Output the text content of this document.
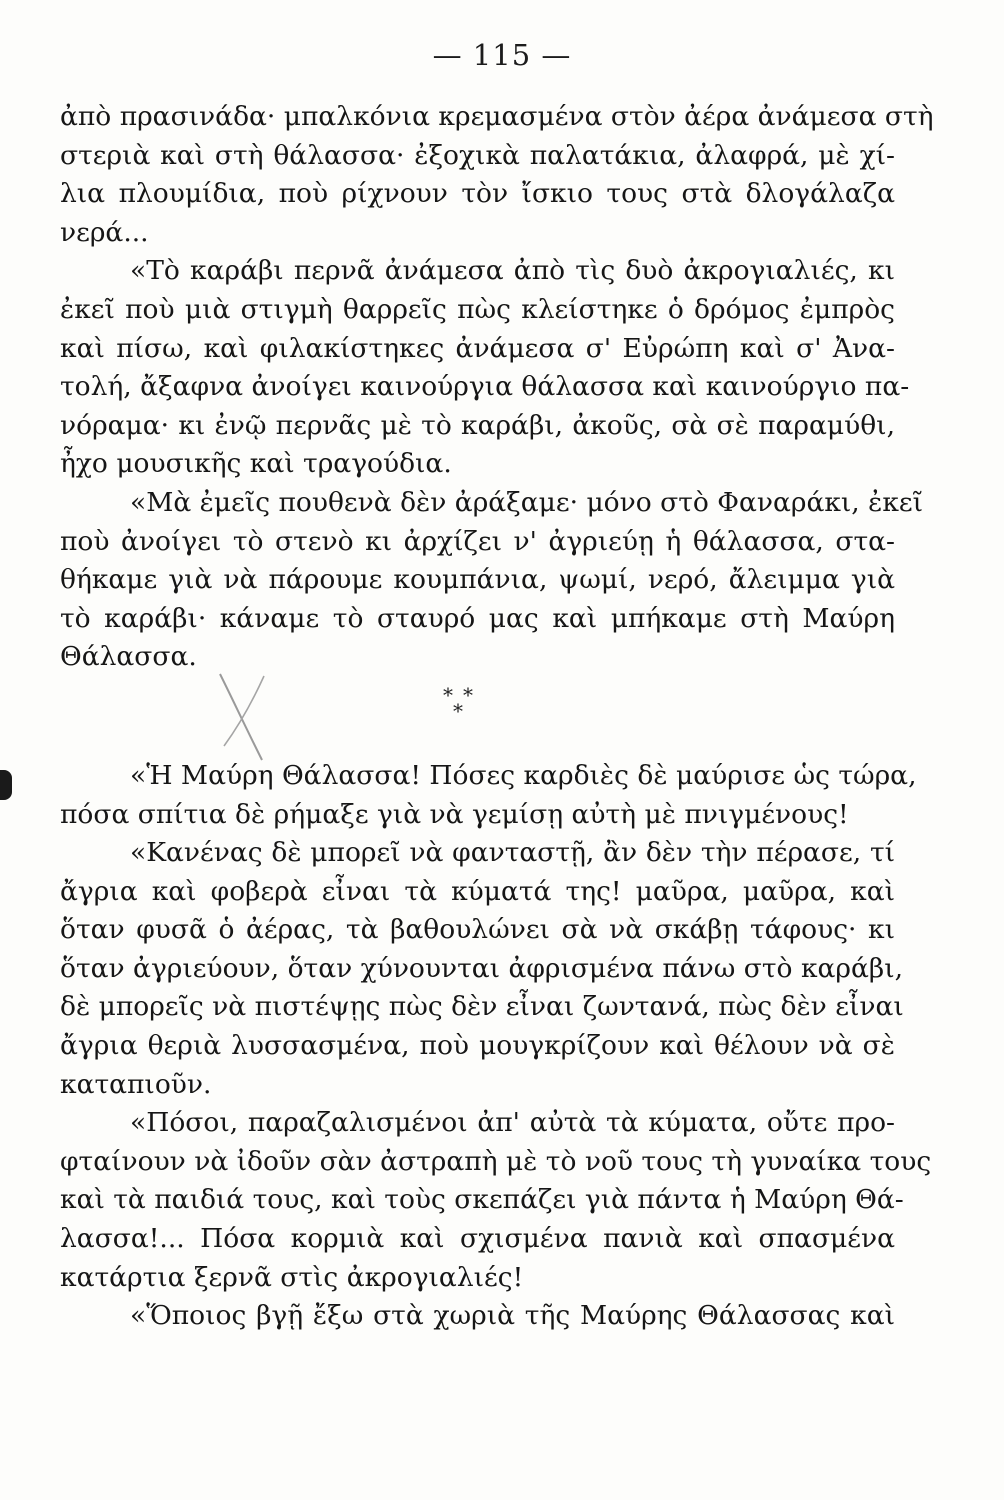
— 115 —
ἀπὸ πρασινάδα· μπαλκόνια κρεμασμένα στὸν ἀέρα ἀνάμεσα στὴ
στεριὰ καὶ στὴ θάλασσα· ἐξοχικὰ παλατάκια, ἀλαφρά, μὲ χί-
λια πλουμίδια, ποὺ ρίχνουν τὸν ἴσκιο τους στὰ δλογάλαζα
νερά...
«Τὸ καράβι περνᾶ ἀνάμεσα ἀπὸ τὶς δυὸ ἀκρογιαλιές, κι
ἐκεῖ ποὺ μιὰ στιγμὴ θαρρεῖς πὼς κλείστηκε ὁ δρόμος ἐμπρὸς
καὶ πίσω, καὶ φιλακίστηκες ἀνάμεσα σ' Εὐρώπη καὶ σ' Ἀνα-
τολή, ἄξαφνα ἀνοίγει καινούργια θάλασσα καὶ καινούργιο πα-
νόραμα· κι ἐνῷ περνᾶς μὲ τὸ καράβι, ἀκοῦς, σὰ σὲ παραμύθι,
ἦχο μουσικῆς καὶ τραγούδια.
«Μὰ ἐμεῖς πουθενὰ δὲν ἀράξαμε· μόνο στὸ Φαναράκι, ἐκεῖ
ποὺ ἀνοίγει τὸ στενὸ κι ἀρχίζει ν' ἀγριεύῃ ἡ θάλασσα, στα-
θήκαμε γιὰ νὰ πάρουμε κουμπάνια, ψωμί, νερό, ἄλειμμα γιὰ
τὸ καράβι· κάναμε τὸ σταυρό μας καὶ μπήκαμε στὴ Μαύρη
Θάλασσα.
* *
*
«Ἡ Μαύρη Θάλασσα! Πόσες καρδιὲς δὲ μαύρισε ὡς τώρα,
πόσα σπίτια δὲ ρήμαξε γιὰ νὰ γεμίσῃ αὐτὴ μὲ πνιγμένους!
«Κανένας δὲ μπορεῖ νὰ φανταστῇ, ἂν δὲν τὴν πέρασε, τί
ἄγρια καὶ φοβερὰ εἶναι τὰ κύματά της! μαῦρα, μαῦρα, καὶ
ὅταν φυσᾶ ὁ ἀέρας, τὰ βαθουλώνει σὰ νὰ σκάβῃ τάφους· κι
ὅταν ἀγριεύουν, ὅταν χύνουνται ἀφρισμένα πάνω στὸ καράβι,
δὲ μπορεῖς νὰ πιστέψῃς πὼς δὲν εἶναι ζωντανά, πὼς δὲν εἶναι
ἄγρια θεριὰ λυσσασμένα, ποὺ μουγκρίζουν καὶ θέλουν νὰ σὲ
καταπιοῦν.
«Πόσοι, παραζαλισμένοι ἀπ' αὐτὰ τὰ κύματα, οὔτε προ-
φταίνουν νὰ ἰδοῦν σὰν ἀστραπὴ μὲ τὸ νοῦ τους τὴ γυναίκα τους
καὶ τὰ παιδιά τους, καὶ τοὺς σκεπάζει γιὰ πάντα ἡ Μαύρη Θά-
λασσα!... Πόσα κορμιὰ καὶ σχισμένα πανιὰ καὶ σπασμένα
κατάρτια ξερνᾶ στὶς ἀκρογιαλιές!
«Ὅποιος βγῇ ἔξω στὰ χωριὰ τῆς Μαύρης Θάλασσας καὶ
